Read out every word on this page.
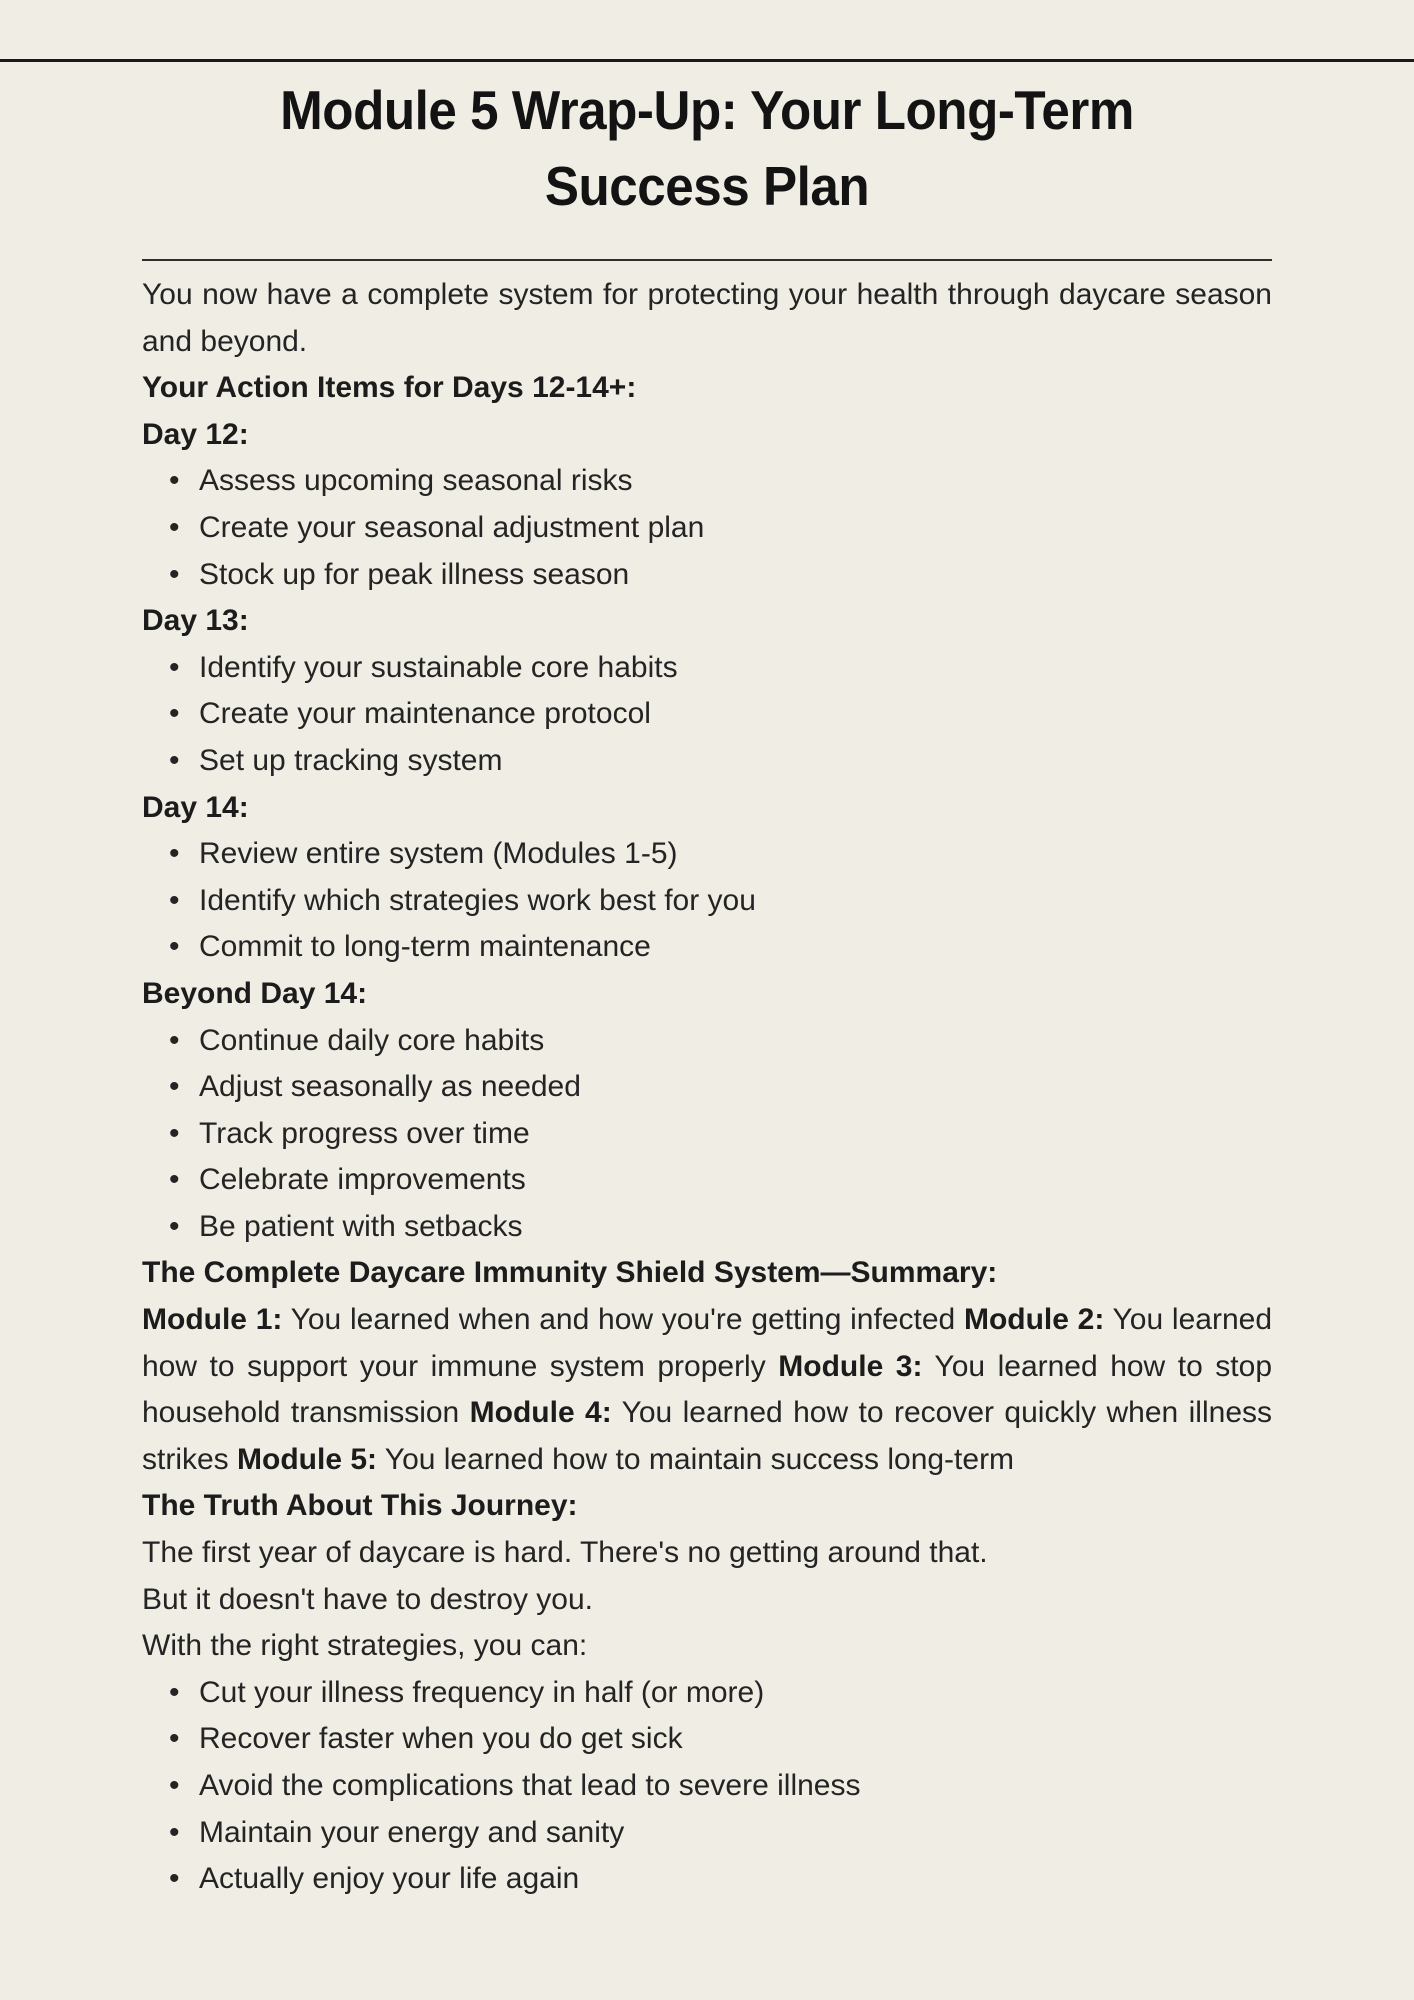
Module 5 Wrap-Up: Your Long-Term
Success Plan

You now have a complete system for protecting your health through daycare season and beyond.

Your Action Items for Days 12-14+:

Day 12:

• Assess upcoming seasonal risks
• Create your seasonal adjustment plan
• Stock up for peak illness season

Day 13:

• Identify your sustainable core habits
• Create your maintenance protocol
• Set up tracking system

Day 14:

• Review entire system (Modules 1-5)
• Identify which strategies work best for you
• Commit to long-term maintenance

Beyond Day 14:

• Continue daily core habits
• Adjust seasonally as needed
• Track progress over time
• Celebrate improvements
• Be patient with setbacks

The Complete Daycare Immunity Shield System—Summary:

Module 1: You learned when and how you're getting infected Module 2: You learned how to support your immune system properly Module 3: You learned how to stop household transmission Module 4: You learned how to recover quickly when illness strikes Module 5: You learned how to maintain success long-term

The Truth About This Journey:

The first year of daycare is hard. There's no getting around that.

But it doesn't have to destroy you.

With the right strategies, you can:

• Cut your illness frequency in half (or more)
• Recover faster when you do get sick
• Avoid the complications that lead to severe illness
• Maintain your energy and sanity
• Actually enjoy your life again
